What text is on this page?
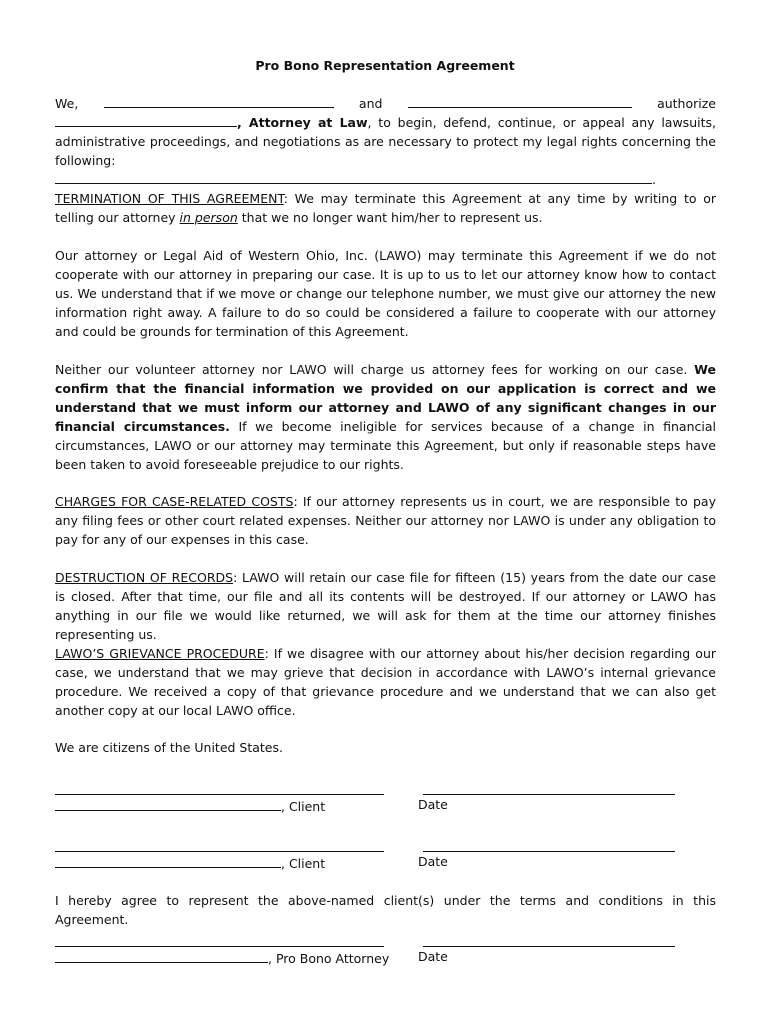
Pro Bono Representation Agreement
We,	and	authorize
, Attorney at Law, to begin, defend, continue, or appeal any lawsuits, administrative proceedings, and negotiations as are necessary to protect my legal rights concerning the following: .
TERMINATION OF THIS AGREEMENT: We may terminate this Agreement at any time by writing to or telling our attorney in person that we no longer want him/her to represent us.
Our attorney or Legal Aid of Western Ohio, Inc. (LAWO) may terminate this Agreement if we do not cooperate with our attorney in preparing our case. It is up to us to let our attorney know how to contact us. We understand that if we move or change our telephone number, we must give our attorney the new information right away. A failure to do so could be considered a failure to cooperate with our attorney and could be grounds for termination of this Agreement.
Neither our volunteer attorney nor LAWO will charge us attorney fees for working on our case. We confirm that the financial information we provided on our application is correct and we understand that we must inform our attorney and LAWO of any significant changes in our financial circumstances. If we become ineligible for services because of a change in financial circumstances, LAWO or our attorney may terminate this Agreement, but only if reasonable steps have been taken to avoid foreseeable prejudice to our rights.
CHARGES FOR CASE-RELATED COSTS: If our attorney represents us in court, we are responsible to pay any filing fees or other court related expenses. Neither our attorney nor LAWO is under any obligation to pay for any of our expenses in this case.
DESTRUCTION OF RECORDS: LAWO will retain our case file for fifteen (15) years from the date our case is closed. After that time, our file and all its contents will be destroyed. If our attorney or LAWO has anything in our file we would like returned, we will ask for them at the time our attorney finishes representing us.
LAWO’S GRIEVANCE PROCEDURE: If we disagree with our attorney about his/her decision regarding our case, we understand that we may grieve that decision in accordance with LAWO’s internal grievance procedure. We received a copy of that grievance procedure and we understand that we can also get another copy at our local LAWO office.
We are citizens of the United States.
, Client	Date
, Client	Date
I hereby agree to represent the above-named client(s) under the terms and conditions in this Agreement.
, Pro Bono Attorney Date
